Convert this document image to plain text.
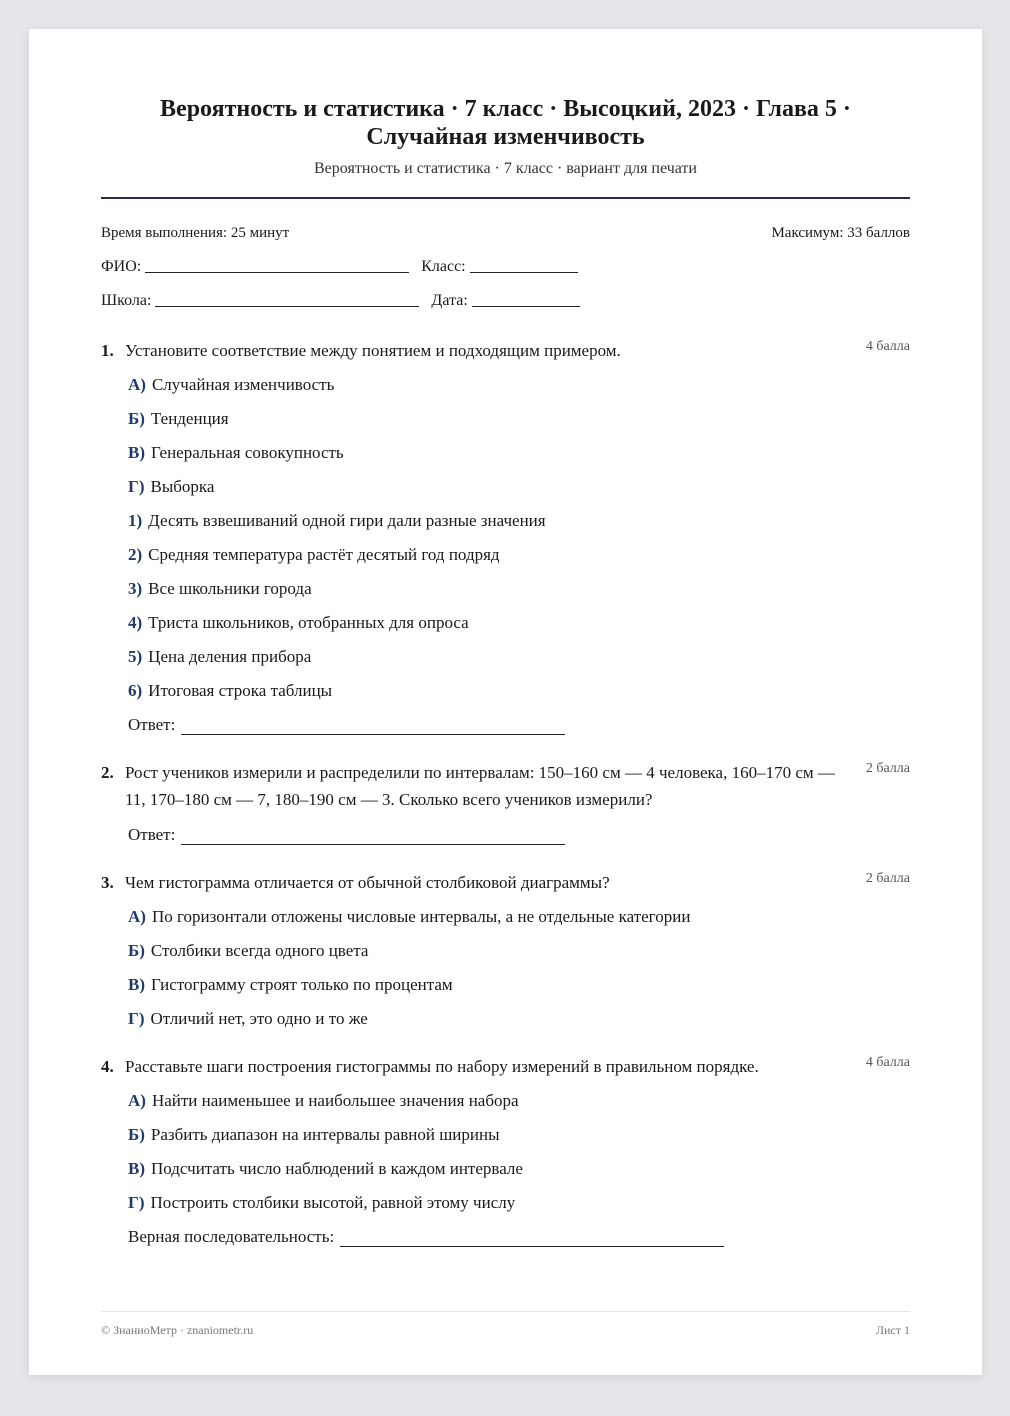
Вероятность и статистика · 7 класс · Высоцкий, 2023 · Глава 5 · Случайная изменчивость
Вероятность и статистика · 7 класс · вариант для печати
Время выполнения: 25 минут	Максимум: 33 баллов
ФИО:	Класс:
Школа:	Дата:
1. Установите соответствие между понятием и подходящим примером.	4 балла
А) Случайная изменчивость
Б) Тенденция
В) Генеральная совокупность
Г) Выборка
1) Десять взвешиваний одной гири дали разные значения
2) Средняя температура растёт десятый год подряд
3) Все школьники города
4) Триста школьников, отобранных для опроса
5) Цена деления прибора
6) Итоговая строка таблицы
Ответ:
2. Рост учеников измерили и распределили по интервалам: 150–160 см — 4 человека, 160–170 см — 11, 170–180 см — 7, 180–190 см — 3. Сколько всего учеников измерили?
2 балла
Ответ:
3. Чем гистограмма отличается от обычной столбиковой диаграммы?	2 балла
А) По горизонтали отложены числовые интервалы, а не отдельные категории
Б) Столбики всегда одного цвета
В) Гистограмму строят только по процентам
Г) Отличий нет, это одно и то же
4. Расставьте шаги построения гистограммы по набору измерений в правильном порядке.	4 балла
А) Найти наименьшее и наибольшее значения набора
Б) Разбить диапазон на интервалы равной ширины
В) Подсчитать число наблюдений в каждом интервале
Г) Построить столбики высотой, равной этому числу
Верная последовательность:
© ЗнаниоМетр · znaniometr.ru	Лист 1
